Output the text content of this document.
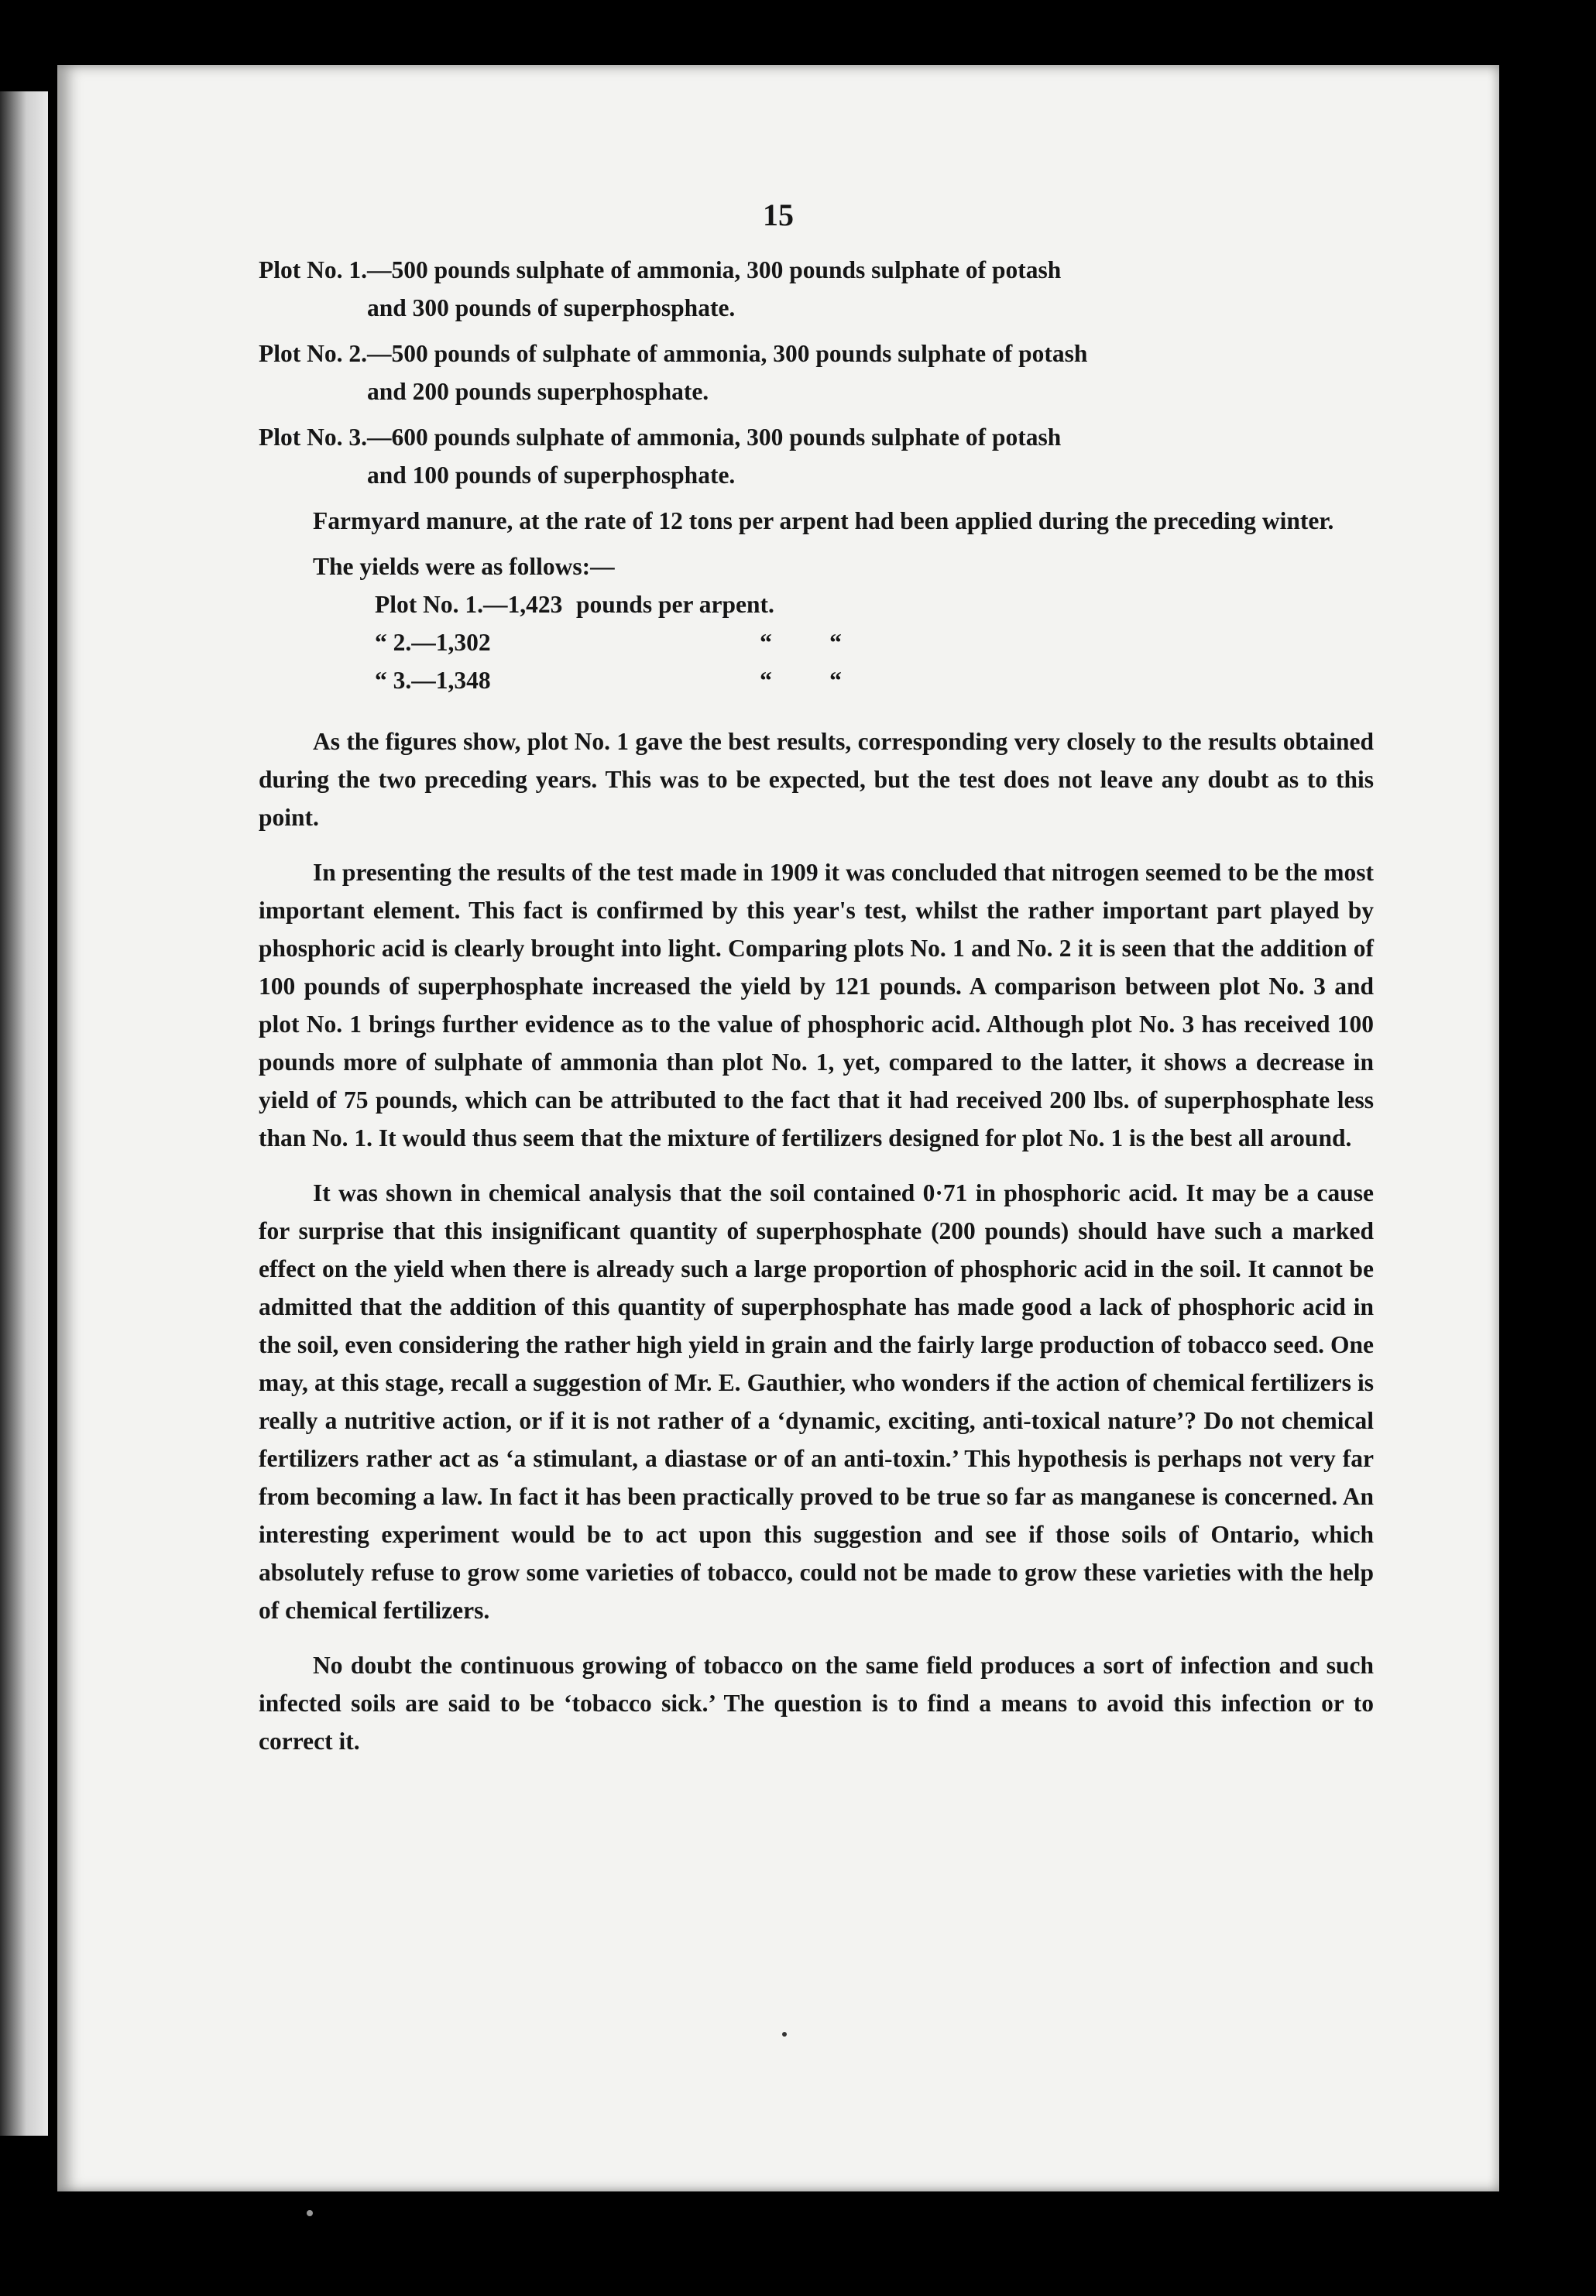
15
Plot No. 1.—500 pounds sulphate of ammonia, 300 pounds sulphate of potash
and 300 pounds of superphosphate.
Plot No. 2.—500 pounds of sulphate of ammonia, 300 pounds sulphate of potash
and 200 pounds superphosphate.
Plot No. 3.—600 pounds sulphate of ammonia, 300 pounds sulphate of potash
and 100 pounds of superphosphate.

Farmyard manure, at the rate of 12 tons per arpent had been applied during the preceding winter.

The yields were as follows:—
Plot No. 1.—1,423 pounds per arpent.
“ 2.—1,302	“	“
“ 3.—1,348	“	“

As the figures show, plot No. 1 gave the best results, corresponding very closely to the results obtained during the two preceding years. This was to be expected, but the test does not leave any doubt as to this point.

In presenting the results of the test made in 1909 it was concluded that nitrogen seemed to be the most important element. This fact is confirmed by this year's test, whilst the rather important part played by phosphoric acid is clearly brought into light. Comparing plots No. 1 and No. 2 it is seen that the addition of 100 pounds of superphosphate increased the yield by 121 pounds. A comparison between plot No. 3 and plot No. 1 brings further evidence as to the value of phosphoric acid. Although plot No. 3 has received 100 pounds more of sulphate of ammonia than plot No. 1, yet, compared to the latter, it shows a decrease in yield of 75 pounds, which can be attributed to the fact that it had received 200 lbs. of superphosphate less than No. 1. It would thus seem that the mixture of fertilizers designed for plot No. 1 is the best all around.

It was shown in chemical analysis that the soil contained 0·71 in phosphoric acid. It may be a cause for surprise that this insignificant quantity of superphosphate (200 pounds) should have such a marked effect on the yield when there is already such a large proportion of phosphoric acid in the soil. It cannot be admitted that the addition of this quantity of superphosphate has made good a lack of phosphoric acid in the soil, even considering the rather high yield in grain and the fairly large production of tobacco seed. One may, at this stage, recall a suggestion of Mr. E. Gauthier, who wonders if the action of chemical fertilizers is really a nutritive action, or if it is not rather of a ‘dynamic, exciting, anti-toxical nature’? Do not chemical fertilizers rather act as ‘a stimulant, a diastase or of an anti-toxin.’ This hypothesis is perhaps not very far from becoming a law. In fact it has been practically proved to be true so far as manganese is concerned. An interesting experiment would be to act upon this suggestion and see if those soils of Ontario, which absolutely refuse to grow some varieties of tobacco, could not be made to grow these varieties with the help of chemical fertilizers.

No doubt the continuous growing of tobacco on the same field produces a sort of infection and such infected soils are said to be ‘tobacco sick.’ The question is to find a means to avoid this infection or to correct it.
